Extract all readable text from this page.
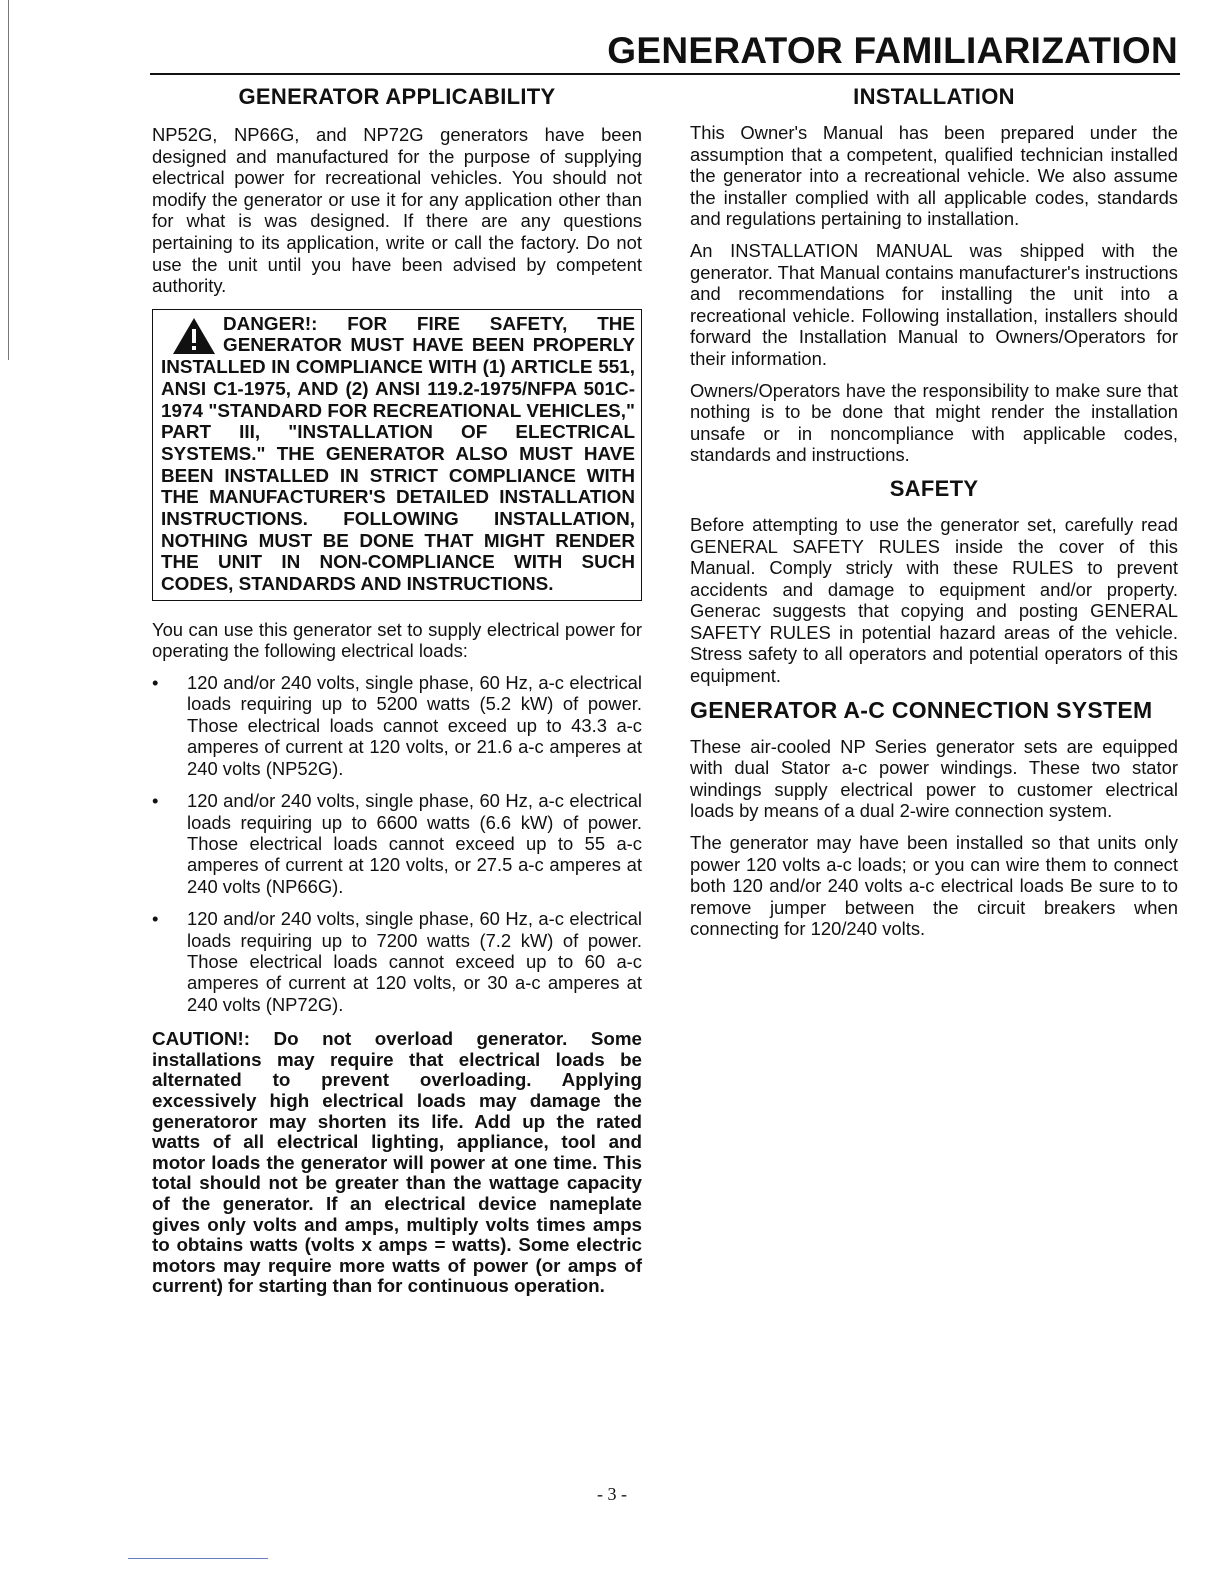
GENERATOR FAMILIARIZATION
GENERATOR APPLICABILITY

NP52G, NP66G, and NP72G generators have been designed and manufactured for the purpose of supplying electrical power for recreational vehicles. You should not modify the generator or use it for any application other than for what is was designed. If there are any questions pertaining to its application, write or call the factory. Do not use the unit until you have been advised by competent authority.

DANGER!: FOR FIRE SAFETY, THE GENERATOR MUST HAVE BEEN PROPERLY INSTALLED IN COMPLIANCE WITH (1) ARTICLE 551, ANSI C1-1975, AND (2) ANSI 119.2-1975/NFPA 501C-1974 "STANDARD FOR RECREATIONAL VEHICLES," PART III, "INSTALLATION OF ELECTRICAL SYSTEMS." THE GENERATOR ALSO MUST HAVE BEEN INSTALLED IN STRICT COMPLIANCE WITH THE MANUFACTURER'S DETAILED INSTALLATION INSTRUCTIONS. FOLLOWING INSTALLATION, NOTHING MUST BE DONE THAT MIGHT RENDER THE UNIT IN NON-COMPLIANCE WITH SUCH CODES, STANDARDS AND INSTRUCTIONS.

You can use this generator set to supply electrical power for operating the following electrical loads:

• 120 and/or 240 volts, single phase, 60 Hz, a-c electrical loads requiring up to 5200 watts (5.2 kW) of power. Those electrical loads cannot exceed up to 43.3 a-c amperes of current at 120 volts, or 21.6 a-c amperes at 240 volts (NP52G).
• 120 and/or 240 volts, single phase, 60 Hz, a-c electrical loads requiring up to 6600 watts (6.6 kW) of power. Those electrical loads cannot exceed up to 55 a-c amperes of current at 120 volts, or 27.5 a-c amperes at 240 volts (NP66G).
• 120 and/or 240 volts, single phase, 60 Hz, a-c electrical loads requiring up to 7200 watts (7.2 kW) of power. Those electrical loads cannot exceed up to 60 a-c amperes of current at 120 volts, or 30 a-c amperes at 240 volts (NP72G).

CAUTION!: Do not overload generator. Some installations may require that electrical loads be alternated to prevent overloading. Applying excessively high electrical loads may damage the generatoror may shorten its life. Add up the rated watts of all electrical lighting, appliance, tool and motor loads the generator will power at one time. This total should not be greater than the wattage capacity of the generator. If an electrical device nameplate gives only volts and amps, multiply volts times amps to obtains watts (volts x amps = watts). Some electric motors may require more watts of power (or amps of current) for starting than for continuous operation.

INSTALLATION

This Owner's Manual has been prepared under the assumption that a competent, qualified technician installed the generator into a recreational vehicle. We also assume the installer complied with all applicable codes, standards and regulations pertaining to installation.

An INSTALLATION MANUAL was shipped with the generator. That Manual contains manufacturer's instructions and recommendations for installing the unit into a recreational vehicle. Following installation, installers should forward the Installation Manual to Owners/Operators for their information.

Owners/Operators have the responsibility to make sure that nothing is to be done that might render the installation unsafe or in noncompliance with applicable codes, standards and instructions.

SAFETY

Before attempting to use the generator set, carefully read GENERAL SAFETY RULES inside the cover of this Manual. Comply stricly with these RULES to prevent accidents and damage to equipment and/or property. Generac suggests that copying and posting GENERAL SAFETY RULES in potential hazard areas of the vehicle. Stress safety to all operators and potential operators of this equipment.

GENERATOR A-C CONNECTION SYSTEM

These air-cooled NP Series generator sets are equipped with dual Stator a-c power windings. These two stator windings supply electrical power to customer electrical loads by means of a dual 2-wire connection system.

The generator may have been installed so that units only power 120 volts a-c loads; or you can wire them to connect both 120 and/or 240 volts a-c electrical loads Be sure to to remove jumper between the circuit breakers when connecting for 120/240 volts.

- 3 -
